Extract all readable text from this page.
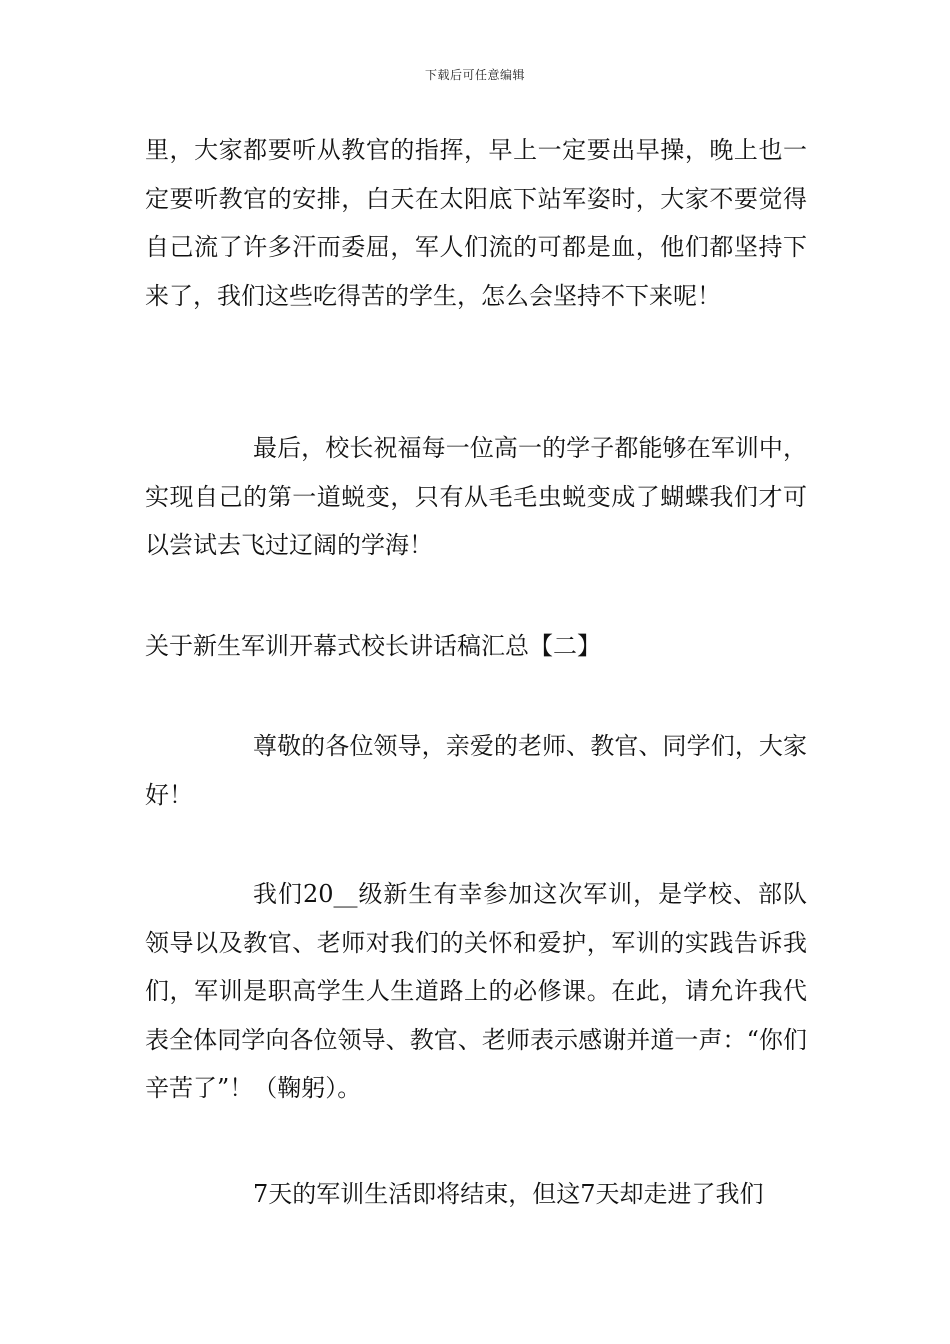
下载后可任意编辑

里，大家都要听从教官的指挥，早上一定要出早操，晚上也一定要听教官的安排，白天在太阳底下站军姿时，大家不要觉得自己流了许多汗而委屈，军人们流的可都是血，他们都坚持下来了，我们这些吃得苦的学生，怎么会坚持不下来呢！

最后，校长祝福每一位高一的学子都能够在军训中，实现自己的第一道蜕变，只有从毛毛虫蜕变成了蝴蝶我们才可以尝试去飞过辽阔的学海！

关于新生军训开幕式校长讲话稿汇总【二】

尊敬的各位领导，亲爱的老师、教官、同学们，大家好！

我们20__级新生有幸参加这次军训，是学校、部队领导以及教官、老师对我们的关怀和爱护，军训的实践告诉我们，军训是职高学生人生道路上的必修课。在此，请允许我代表全体同学向各位领导、教官、老师表示感谢并道一声：“你们辛苦了”！（鞠躬）。

7天的军训生活即将结束，但这7天却走进了我们
